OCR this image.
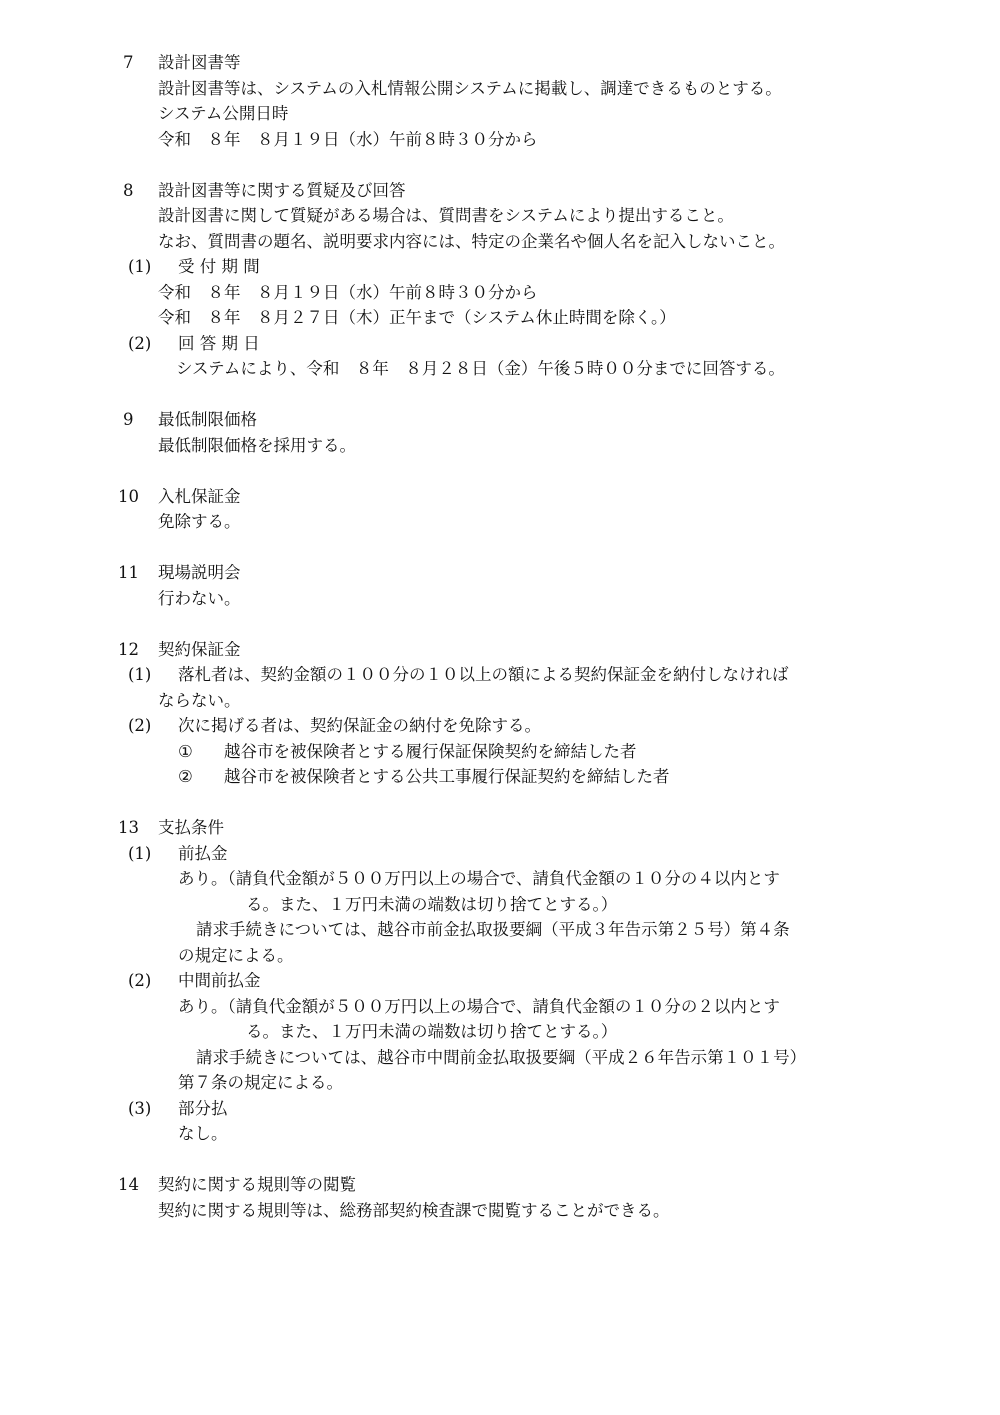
7 設計図書等
設計図書等は、システムの入札情報公開システムに掲載し、調達できるものとする。
システム公開日時
令和　８年　８月１９日（水）午前８時３０分から
8 設計図書等に関する質疑及び回答
設計図書に関して質疑がある場合は、質問書をシステムにより提出すること。
なお、質問書の題名、説明要求内容には、特定の企業名や個人名を記入しないこと。
(1) 受 付 期 間
令和　８年　８月１９日（水）午前８時３０分から
令和　８年　８月２７日（木）正午まで（システム休止時間を除く。）
(2) 回 答 期 日
システムにより、令和　８年　８月２８日（金）午後５時００分までに回答する。
9 最低制限価格
最低制限価格を採用する。
10 入札保証金
免除する。
11 現場説明会
行わない。
12 契約保証金
(1) 落札者は、契約金額の１００分の１０以上の額による契約保証金を納付しなければ
ならない。
(2) 次に掲げる者は、契約保証金の納付を免除する。
① 越谷市を被保険者とする履行保証保険契約を締結した者
② 越谷市を被保険者とする公共工事履行保証契約を締結した者
13 支払条件
(1) 前払金
あり。（請負代金額が５００万円以上の場合で、請負代金額の１０分の４以内とす
る。また、１万円未満の端数は切り捨てとする。）
請求手続きについては、越谷市前金払取扱要綱（平成３年告示第２５号）第４条
の規定による。
(2) 中間前払金
あり。（請負代金額が５００万円以上の場合で、請負代金額の１０分の２以内とす
る。また、１万円未満の端数は切り捨てとする。）
請求手続きについては、越谷市中間前金払取扱要綱（平成２６年告示第１０１号）
第７条の規定による。
(3) 部分払
なし。
14 契約に関する規則等の閲覧
契約に関する規則等は、総務部契約検査課で閲覧することができる。
